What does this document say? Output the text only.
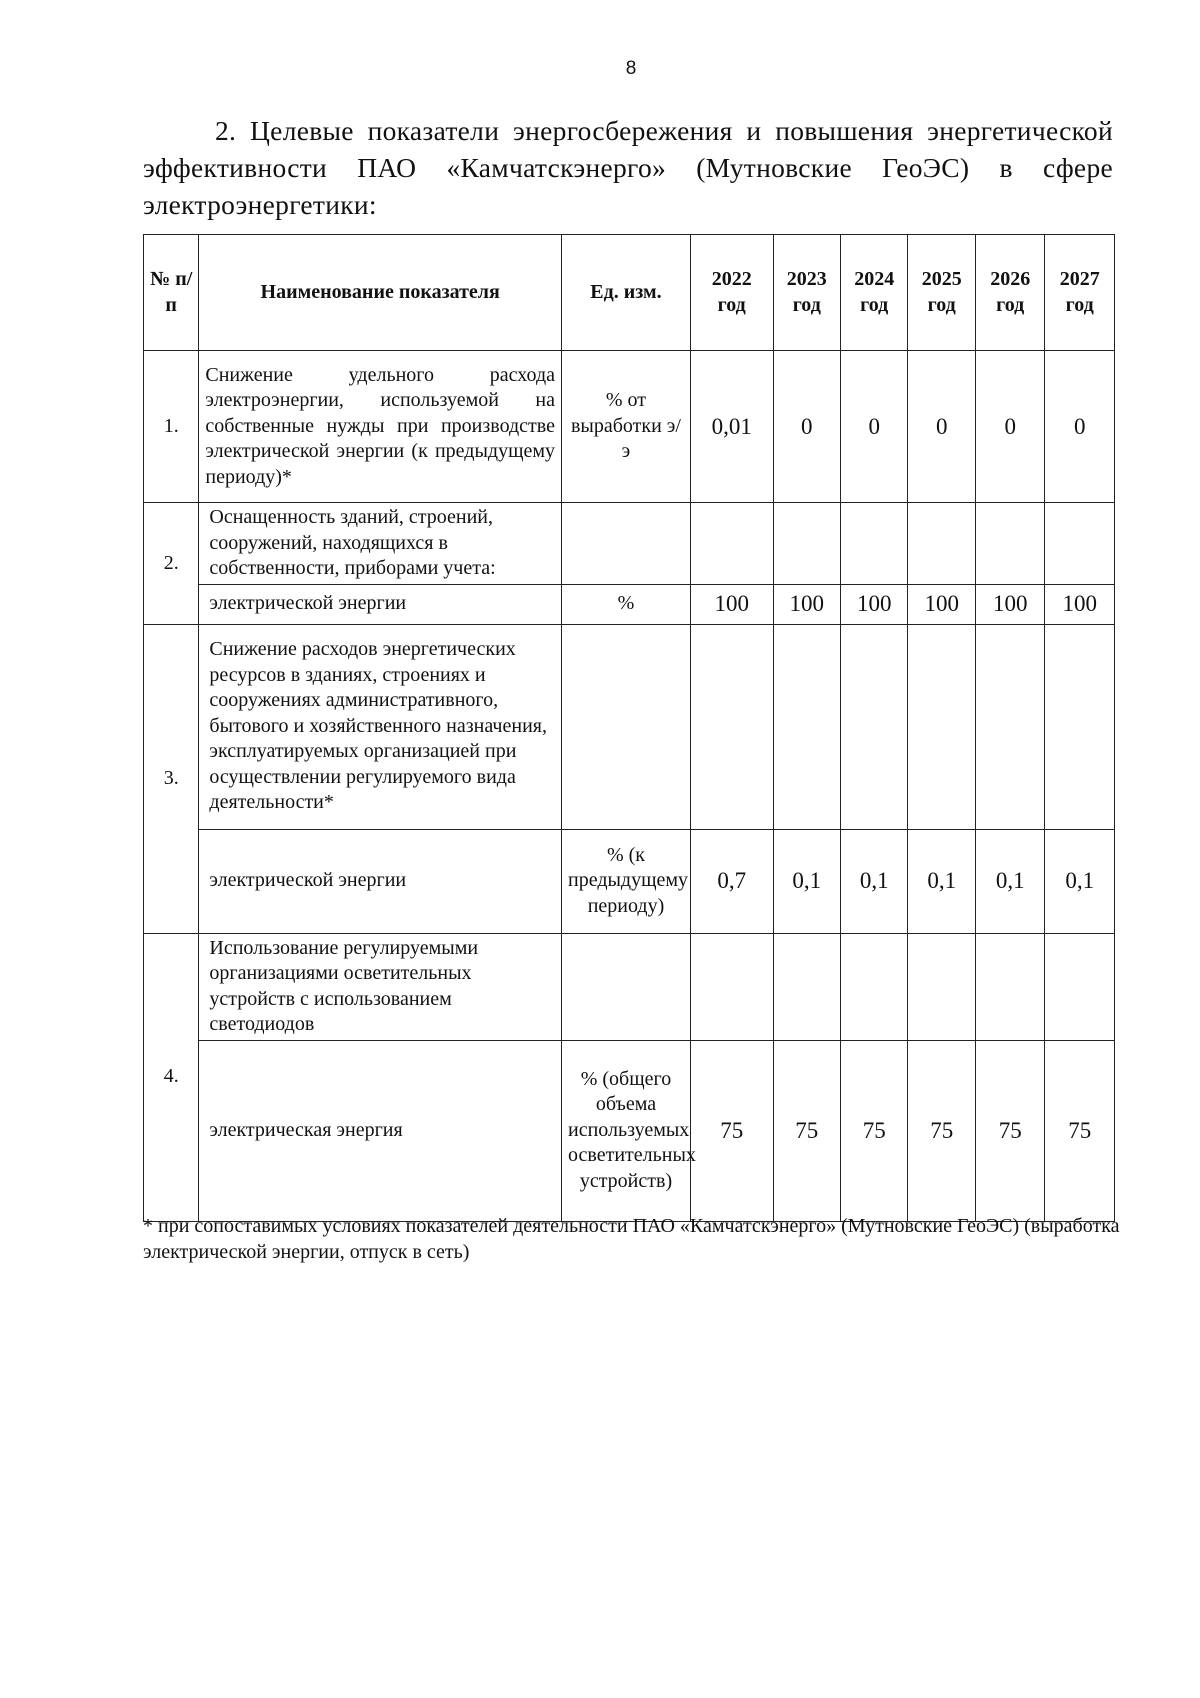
8
2. Целевые показатели энергосбережения и повышения энергетической эффективности ПАО «Камчатскэнерго» (Мутновские ГеоЭС) в сфере электроэнергетики:
№ п/п	Наименование показателя	Ед. изм.	2022 год	2023 год	2024 год	2025 год	2026 год	2027 год
1.	Снижение удельного расхода электроэнергии, используемой на собственные нужды при производстве электрической энергии (к предыдущему периоду)*	% от выработки э/э	0,01	0	0	0	0	0
2.	Оснащенность зданий, строений, сооружений, находящихся в собственности, приборами учета:							
	электрической энергии	%	100	100	100	100	100	100
3.	Снижение расходов энергетических ресурсов в зданиях, строениях и сооружениях административного, бытового и хозяйственного назначения, эксплуатируемых организацией при осуществлении регулируемого вида деятельности*							
	электрической энергии	% (к предыдущему периоду)	0,7	0,1	0,1	0,1	0,1	0,1
4.	Использование регулируемыми организациями осветительных устройств с использованием светодиодов							
	электрическая энергия	% (общего объема используемых осветительных устройств)	75	75	75	75	75	75
* при сопоставимых условиях показателей деятельности ПАО «Камчатскэнерго» (Мутновские ГеоЭС) (выработка электрической энергии, отпуск в сеть)
